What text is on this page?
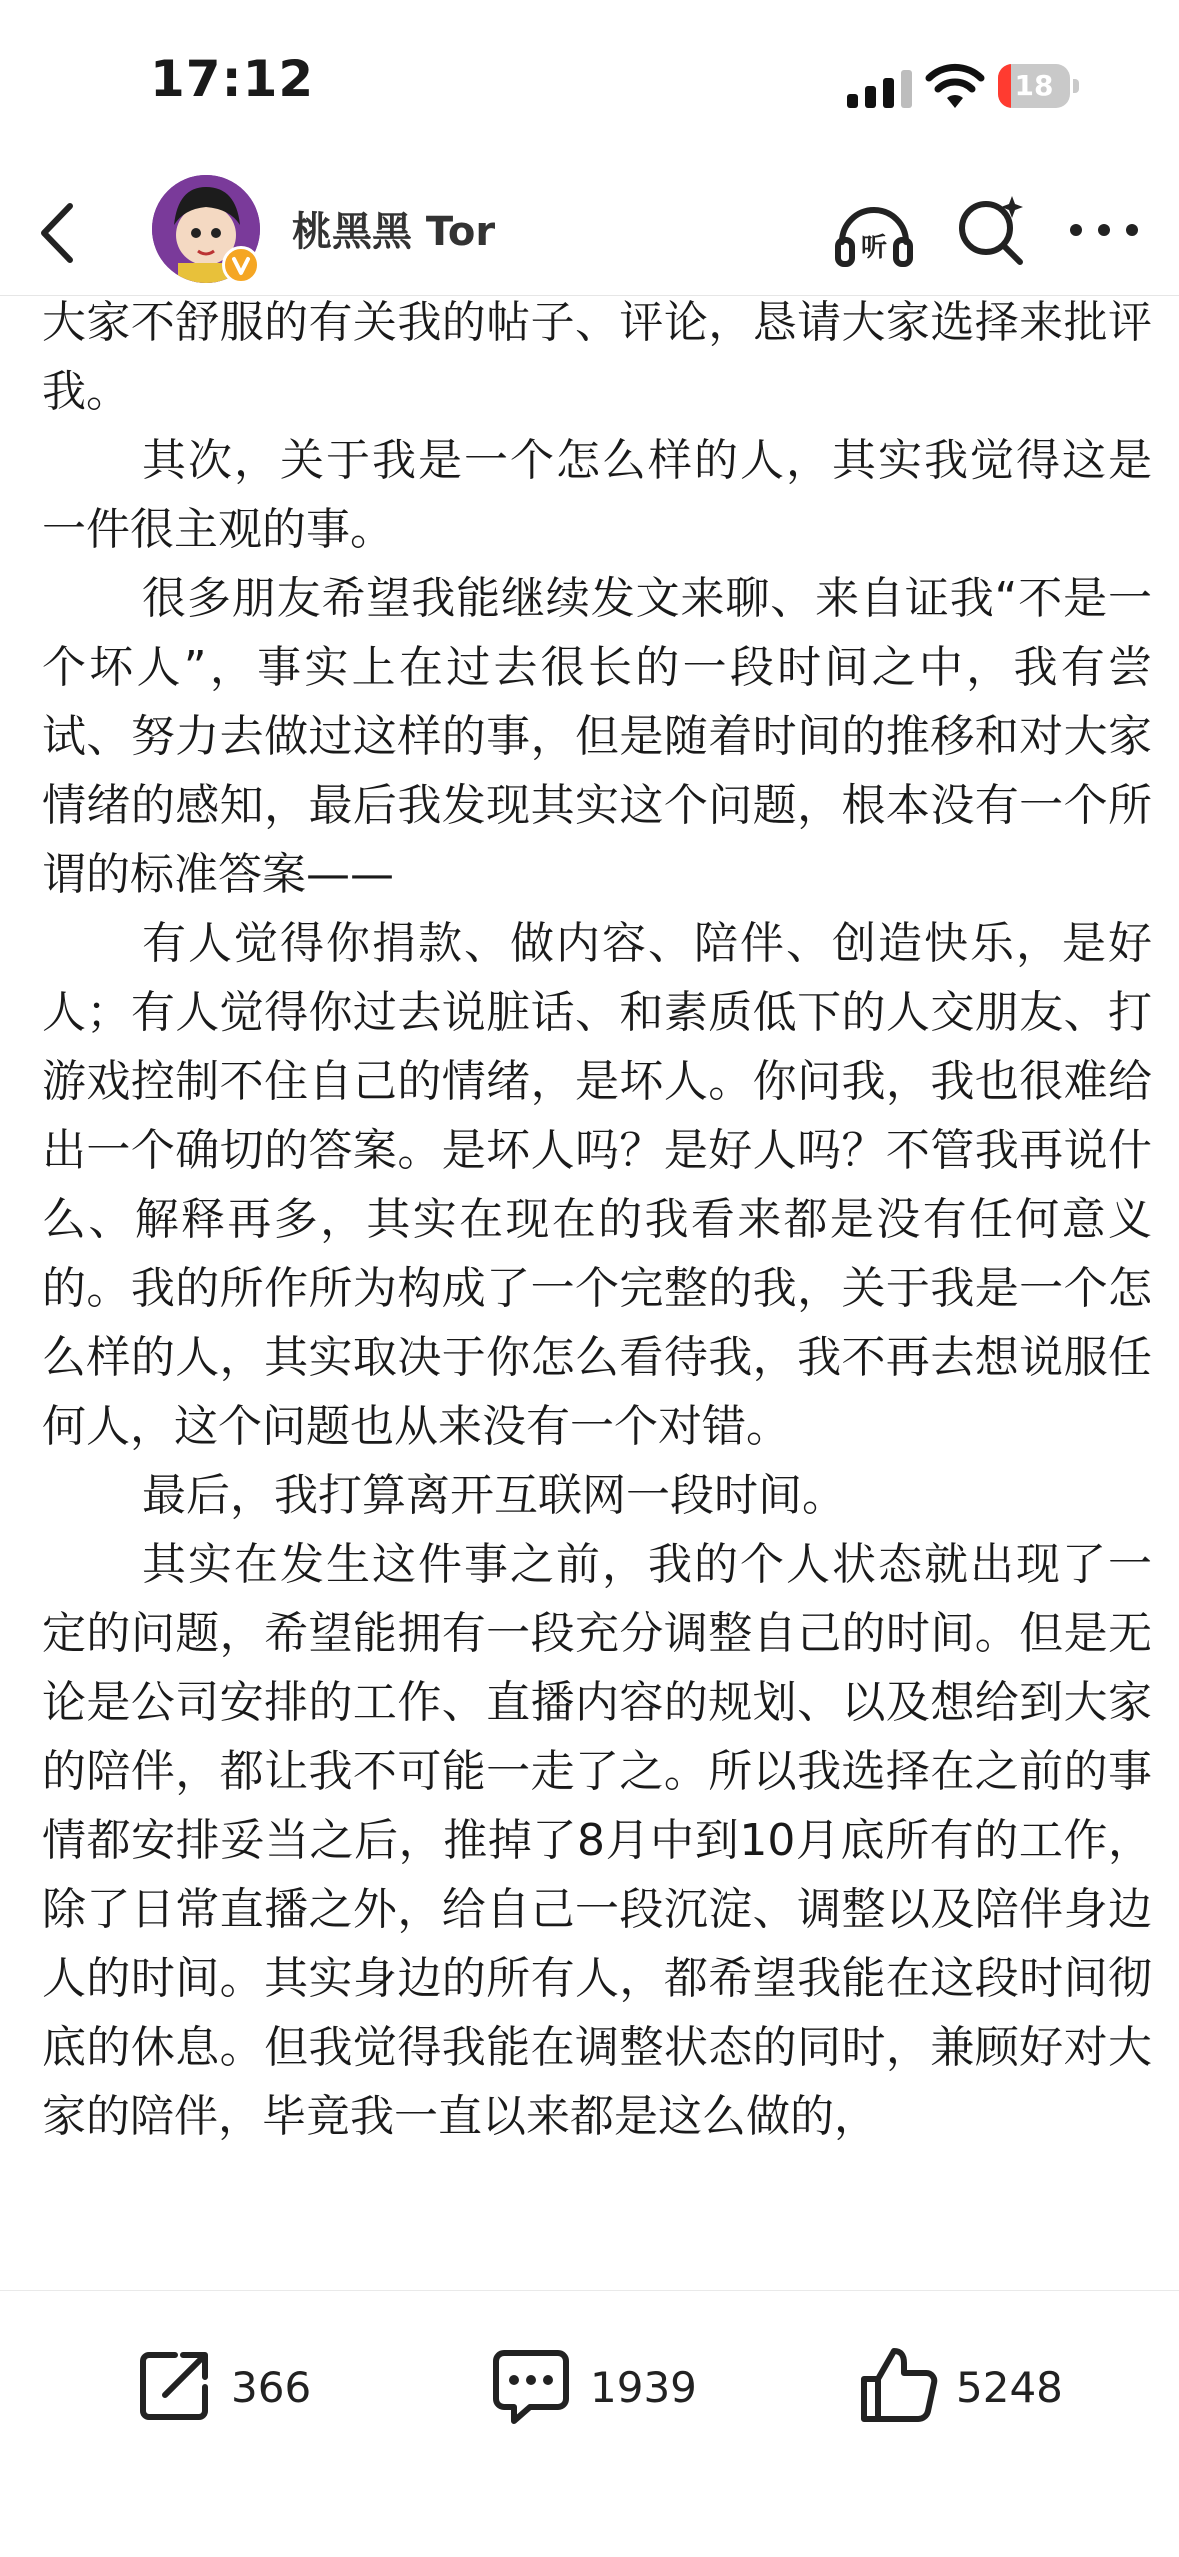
17:12	18
桃黑黑 Tor	听

大家不舒服的有关我的帖子、评论，恳请大家选择来批评我。

其次，关于我是一个怎么样的人，其实我觉得这是一件很主观的事。

很多朋友希望我能继续发文来聊、来自证我“不是一个坏人”，事实上在过去很长的一段时间之中，我有尝试、努力去做过这样的事，但是随着时间的推移和对大家情绪的感知，最后我发现其实这个问题，根本没有一个所谓的标准答案——

有人觉得你捐款、做内容、陪伴、创造快乐，是好人；有人觉得你过去说脏话、和素质低下的人交朋友、打游戏控制不住自己的情绪，是坏人。你问我，我也很难给出一个确切的答案。是坏人吗？是好人吗？不管我再说什么、解释再多，其实在现在的我看来都是没有任何意义的。我的所作所为构成了一个完整的我，关于我是一个怎么样的人，其实取决于你怎么看待我，我不再去想说服任何人，这个问题也从来没有一个对错。

最后，我打算离开互联网一段时间。

其实在发生这件事之前，我的个人状态就出现了一定的问题，希望能拥有一段充分调整自己的时间。但是无论是公司安排的工作、直播内容的规划、以及想给到大家的陪伴，都让我不可能一走了之。所以我选择在之前的事情都安排妥当之后，推掉了8月中到10月底所有的工作，除了日常直播之外，给自己一段沉淀、调整以及陪伴身边人的时间。其实身边的所有人，都希望我能在这段时间彻底的休息。但我觉得我能在调整状态的同时，兼顾好对大家的陪伴，毕竟我一直以来都是这么做的，

366	1939	5248
